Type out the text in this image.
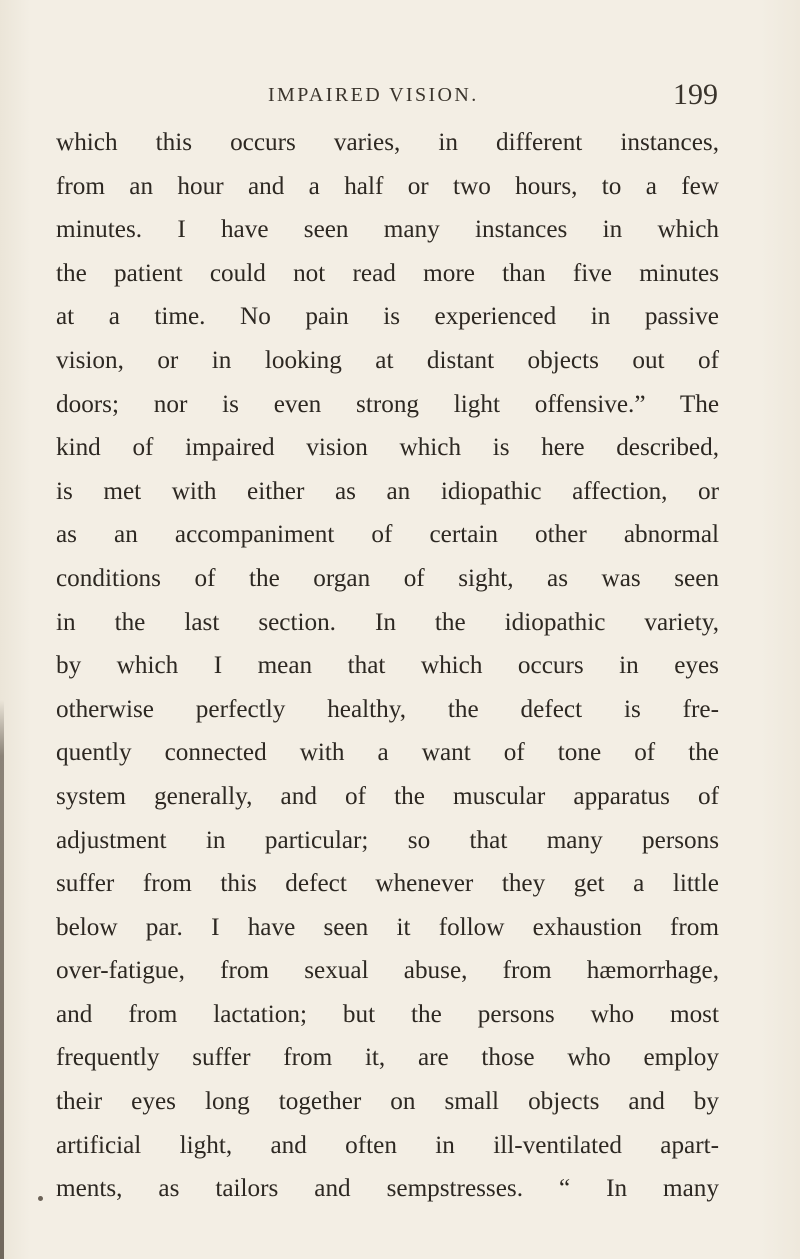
IMPAIRED VISION.	199
which this occurs varies, in different instances,
from an hour and a half or two hours, to a few
minutes. I have seen many instances in which
the patient could not read more than five minutes
at a time. No pain is experienced in passive
vision, or in looking at distant objects out of
doors; nor is even strong light offensive.” The
kind of impaired vision which is here described,
is met with either as an idiopathic affection, or
as an accompaniment of certain other abnormal
conditions of the organ of sight, as was seen
in the last section. In the idiopathic variety,
by which I mean that which occurs in eyes
otherwise perfectly healthy, the defect is fre-
quently connected with a want of tone of the
system generally, and of the muscular apparatus of
adjustment in particular; so that many persons
suffer from this defect whenever they get a little
below par. I have seen it follow exhaustion from
over-fatigue, from sexual abuse, from hæmorrhage,
and from lactation; but the persons who most
frequently suffer from it, are those who employ
their eyes long together on small objects and by
artificial light, and often in ill-ventilated apart-
ments, as tailors and sempstresses. “ In many
